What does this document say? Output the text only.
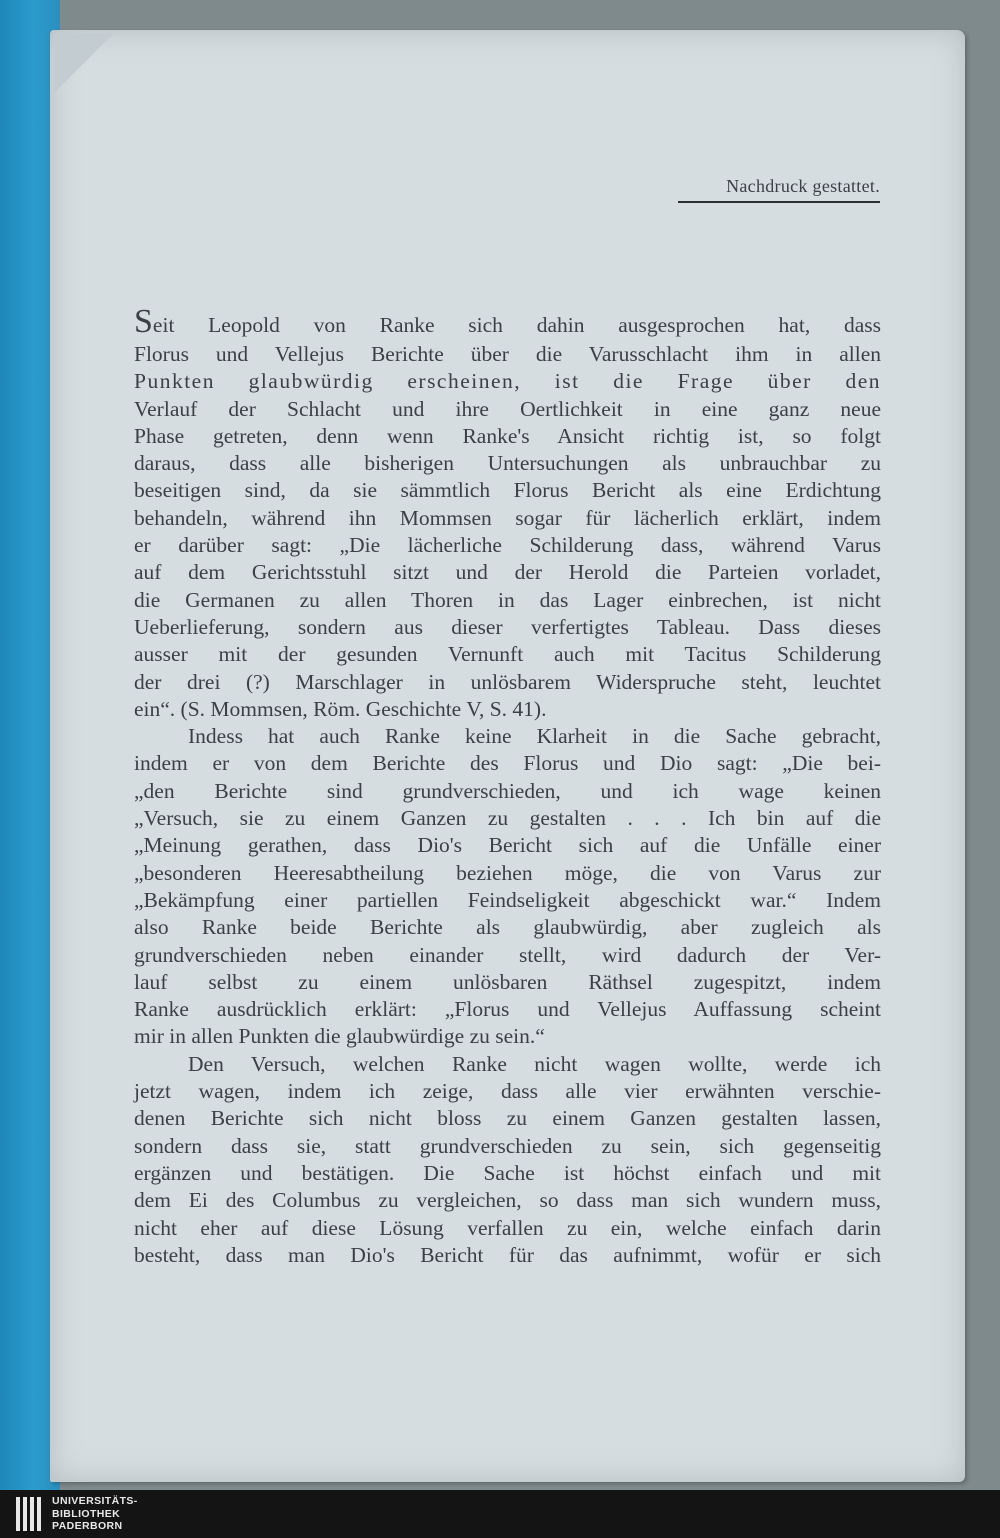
Nachdruck gestattet.
Seit Leopold von Ranke sich dahin ausgesprochen hat, dass
Florus und Vellejus Berichte über die Varusschlacht ihm in allen
Punkten glaubwürdig erscheinen, ist die Frage über den
Verlauf der Schlacht und ihre Oertlichkeit in eine ganz neue
Phase getreten, denn wenn Ranke's Ansicht richtig ist, so folgt
daraus, dass alle bisherigen Untersuchungen als unbrauchbar zu
beseitigen sind, da sie sämmtlich Florus Bericht als eine Erdichtung
behandeln, während ihn Mommsen sogar für lächerlich erklärt, indem
er darüber sagt: „Die lächerliche Schilderung dass, während Varus
auf dem Gerichtsstuhl sitzt und der Herold die Parteien vorladet,
die Germanen zu allen Thoren in das Lager einbrechen, ist nicht
Ueberlieferung, sondern aus dieser verfertigtes Tableau. Dass dieses
ausser mit der gesunden Vernunft auch mit Tacitus Schilderung
der drei (?) Marschlager in unlösbarem Widerspruche steht, leuchtet
ein“. (S. Mommsen, Röm. Geschichte V, S. 41).
Indess hat auch Ranke keine Klarheit in die Sache gebracht,
indem er von dem Berichte des Florus und Dio sagt: „Die bei-
„den Berichte sind grundverschieden, und ich wage keinen
„Versuch, sie zu einem Ganzen zu gestalten . . . Ich bin auf die
„Meinung gerathen, dass Dio's Bericht sich auf die Unfälle einer
„besonderen Heeresabtheilung beziehen möge, die von Varus zur
„Bekämpfung einer partiellen Feindseligkeit abgeschickt war.“ Indem
also Ranke beide Berichte als glaubwürdig, aber zugleich als
grundverschieden neben einander stellt, wird dadurch der Ver-
lauf selbst zu einem unlösbaren Räthsel zugespitzt, indem
Ranke ausdrücklich erklärt: „Florus und Vellejus Auffassung scheint
mir in allen Punkten die glaubwürdige zu sein.“
Den Versuch, welchen Ranke nicht wagen wollte, werde ich
jetzt wagen, indem ich zeige, dass alle vier erwähnten verschie-
denen Berichte sich nicht bloss zu einem Ganzen gestalten lassen,
sondern dass sie, statt grundverschieden zu sein, sich gegenseitig
ergänzen und bestätigen. Die Sache ist höchst einfach und mit
dem Ei des Columbus zu vergleichen, so dass man sich wundern muss,
nicht eher auf diese Lösung verfallen zu ein, welche einfach darin
besteht, dass man Dio's Bericht für das aufnimmt, wofür er sich
UNIVERSITÄTS-
BIBLIOTHEK
PADERBORN
